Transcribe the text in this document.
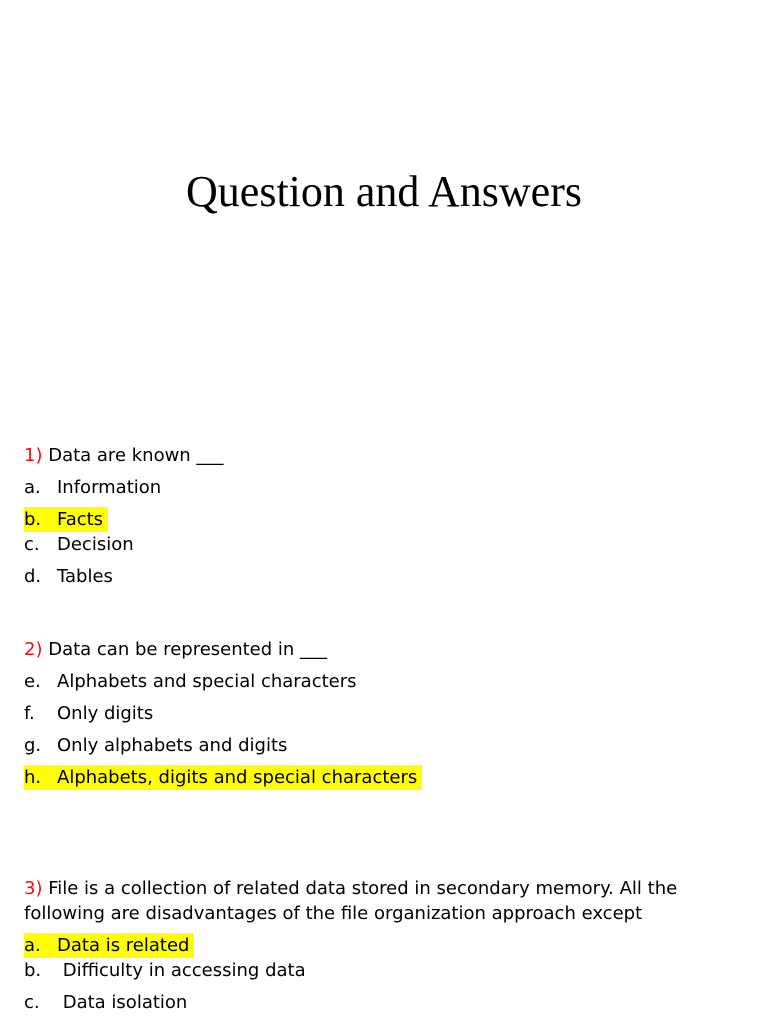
Question and Answers

1) Data are known ___

a. Information
b. Facts
c. Decision
d. Tables

2) Data can be represented in ___

e. Alphabets and special characters
f. Only digits
g. Only alphabets and digits
h. Alphabets, digits and special characters

3) File is a collection of related data stored in secondary memory. All the

following are disadvantages of the file organization approach except

a. Data is related
b. Difficulty in accessing data
c. Data isolation
